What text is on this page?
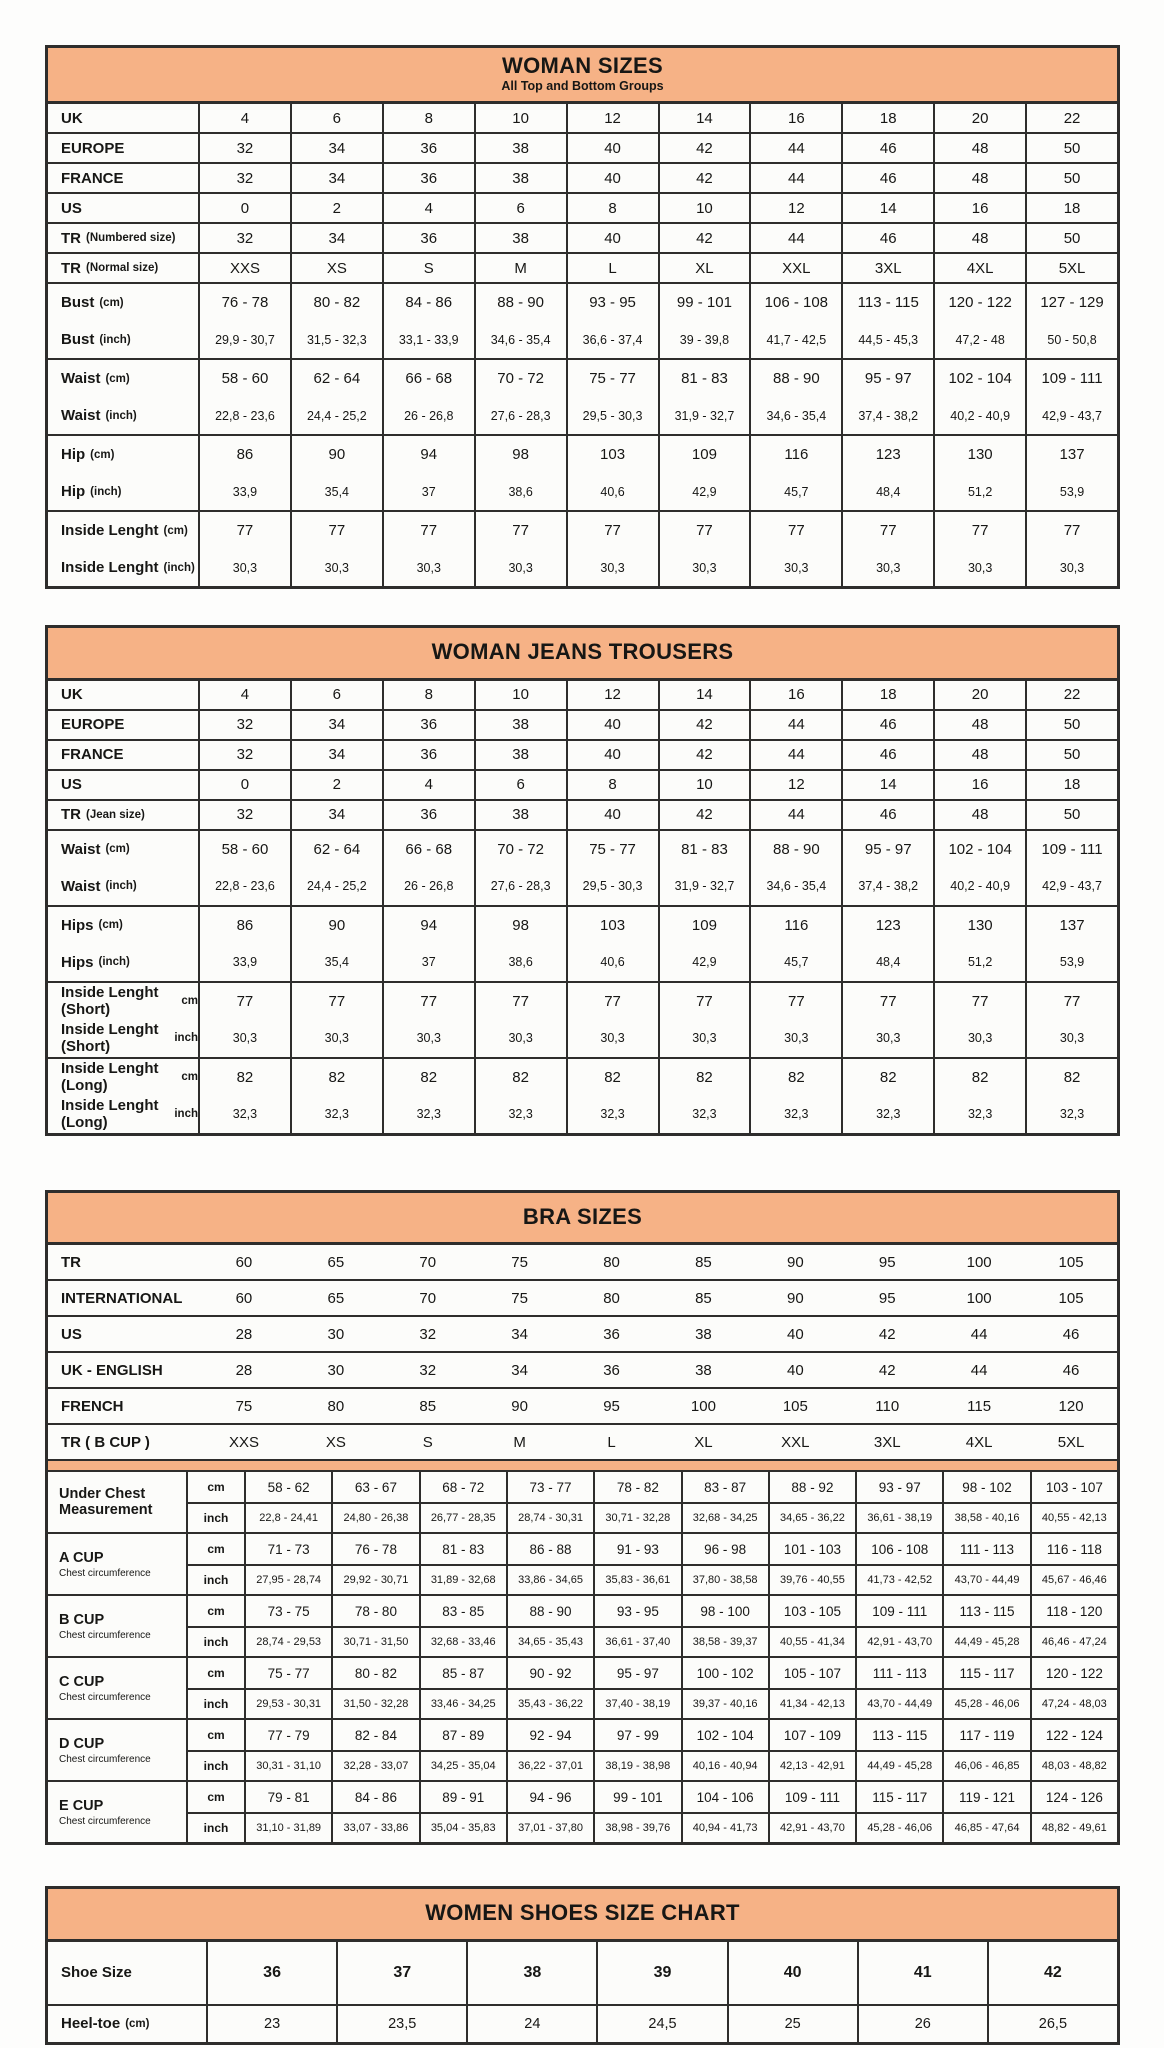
WOMAN SIZES
All Top and Bottom Groups
UK	4	6	8	10	12	14	16	18	20	22
EUROPE	32	34	36	38	40	42	44	46	48	50
FRANCE	32	34	36	38	40	42	44	46	48	50
US	0	2	4	6	8	10	12	14	16	18
TR (Numbered size)	32	34	36	38	40	42	44	46	48	50
TR (Normal size)	XXS	XS	S	M	L	XL	XXL	3XL	4XL	5XL
Bust (cm)	76 - 78	80 - 82	84 - 86	88 - 90	93 - 95	99 - 101	106 - 108	113 - 115	120 - 122	127 - 129
Bust (inch)	29,9 - 30,7	31,5 - 32,3	33,1 - 33,9	34,6 - 35,4	36,6 - 37,4	39 - 39,8	41,7 - 42,5	44,5 - 45,3	47,2 - 48	50 - 50,8
Waist (cm)	58 - 60	62 - 64	66 - 68	70 - 72	75 - 77	81 - 83	88 - 90	95 - 97	102 - 104	109 - 111
Waist (inch)	22,8 - 23,6	24,4 - 25,2	26 - 26,8	27,6 - 28,3	29,5 - 30,3	31,9 - 32,7	34,6 - 35,4	37,4 - 38,2	40,2 - 40,9	42,9 - 43,7
Hip (cm)	86	90	94	98	103	109	116	123	130	137
Hip (inch)	33,9	35,4	37	38,6	40,6	42,9	45,7	48,4	51,2	53,9
Inside Lenght (cm)	77	77	77	77	77	77	77	77	77	77
Inside Lenght (inch)	30,3	30,3	30,3	30,3	30,3	30,3	30,3	30,3	30,3	30,3
WOMAN JEANS TROUSERS
UK	4	6	8	10	12	14	16	18	20	22
EUROPE	32	34	36	38	40	42	44	46	48	50
FRANCE	32	34	36	38	40	42	44	46	48	50
US	0	2	4	6	8	10	12	14	16	18
TR (Jean size)	32	34	36	38	40	42	44	46	48	50
Waist (cm)	58 - 60	62 - 64	66 - 68	70 - 72	75 - 77	81 - 83	88 - 90	95 - 97	102 - 104	109 - 111
Waist (inch)	22,8 - 23,6	24,4 - 25,2	26 - 26,8	27,6 - 28,3	29,5 - 30,3	31,9 - 32,7	34,6 - 35,4	37,4 - 38,2	40,2 - 40,9	42,9 - 43,7
Hips (cm)	86	90	94	98	103	109	116	123	130	137
Hips (inch)	33,9	35,4	37	38,6	40,6	42,9	45,7	48,4	51,2	53,9
Inside Lenght (Short)	cm	77	77	77	77	77	77	77	77	77	77
Inside Lenght (Short)	inch	30,3	30,3	30,3	30,3	30,3	30,3	30,3	30,3	30,3	30,3
Inside Lenght (Long)	cm	82	82	82	82	82	82	82	82	82	82
Inside Lenght (Long)	inch	32,3	32,3	32,3	32,3	32,3	32,3	32,3	32,3	32,3	32,3
BRA SIZES
TR	60	65	70	75	80	85	90	95	100	105
INTERNATIONAL	60	65	70	75	80	85	90	95	100	105
US	28	30	32	34	36	38	40	42	44	46
UK - ENGLISH	28	30	32	34	36	38	40	42	44	46
FRENCH	75	80	85	90	95	100	105	110	115	120
TR ( B CUP )	XXS	XS	S	M	L	XL	XXL	3XL	4XL	5XL
Under Chest
Measurement
cm	58 - 62	63 - 67	68 - 72	73 - 77	78 - 82	83 - 87	88 - 92	93 - 97	98 - 102	103 - 107
inch	22,8 - 24,41	24,80 - 26,38	26,77 - 28,35	28,74 - 30,31	30,71 - 32,28	32,68 - 34,25	34,65 - 36,22	36,61 - 38,19	38,58 - 40,16	40,55 - 42,13
A CUP
Chest circumference
cm	71 - 73	76 - 78	81 - 83	86 - 88	91 - 93	96 - 98	101 - 103	106 - 108	111 - 113	116 - 118
inch	27,95 - 28,74	29,92 - 30,71	31,89 - 32,68	33,86 - 34,65	35,83 - 36,61	37,80 - 38,58	39,76 - 40,55	41,73 - 42,52	43,70 - 44,49	45,67 - 46,46
B CUP
Chest circumference
cm	73 - 75	78 - 80	83 - 85	88 - 90	93 - 95	98 - 100	103 - 105	109 - 111	113 - 115	118 - 120
inch	28,74 - 29,53	30,71 - 31,50	32,68 - 33,46	34,65 - 35,43	36,61 - 37,40	38,58 - 39,37	40,55 - 41,34	42,91 - 43,70	44,49 - 45,28	46,46 - 47,24
C CUP
Chest circumference
cm	75 - 77	80 - 82	85 - 87	90 - 92	95 - 97	100 - 102	105 - 107	111 - 113	115 - 117	120 - 122
inch	29,53 - 30,31	31,50 - 32,28	33,46 - 34,25	35,43 - 36,22	37,40 - 38,19	39,37 - 40,16	41,34 - 42,13	43,70 - 44,49	45,28 - 46,06	47,24 - 48,03
D CUP
Chest circumference
cm	77 - 79	82 - 84	87 - 89	92 - 94	97 - 99	102 - 104	107 - 109	113 - 115	117 - 119	122 - 124
inch	30,31 - 31,10	32,28 - 33,07	34,25 - 35,04	36,22 - 37,01	38,19 - 38,98	40,16 - 40,94	42,13 - 42,91	44,49 - 45,28	46,06 - 46,85	48,03 - 48,82
E CUP
Chest circumference
cm	79 - 81	84 - 86	89 - 91	94 - 96	99 - 101	104 - 106	109 - 111	115 - 117	119 - 121	124 - 126
inch	31,10 - 31,89	33,07 - 33,86	35,04 - 35,83	37,01 - 37,80	38,98 - 39,76	40,94 - 41,73	42,91 - 43,70	45,28 - 46,06	46,85 - 47,64	48,82 - 49,61
WOMEN SHOES SIZE CHART
Shoe Size	36	37	38	39	40	41	42
Heel-toe (cm)	23	23,5	24	24,5	25	26	26,5
